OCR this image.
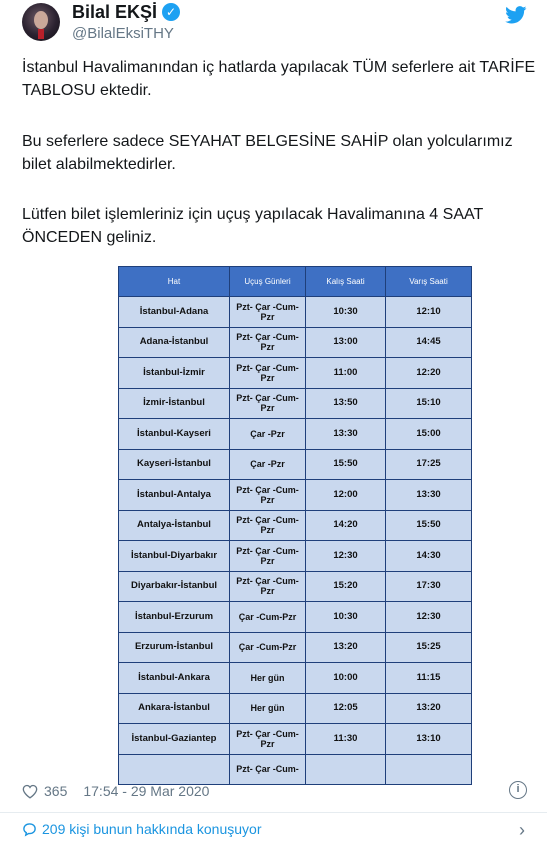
Bilal EKŞİ ✓
@BilalEksiTHY
İstanbul Havalimanından iç hatlarda yapılacak TÜM seferlere ait TARİFE TABLOSU ektedir.
Bu seferlere sadece SEYAHAT BELGESİNE SAHİP olan yolcularımız bilet alabilmektedirler.
Lütfen bilet işlemleriniz için uçuş yapılacak Havalimanına 4 SAAT ÖNCEDEN geliniz.
Hat	Uçuş Günleri	Kalış Saati	Varış Saati
İstanbul-Adana	Pzt- Çar -Cum-Pzr	10:30	12:10
Adana-İstanbul	Pzt- Çar -Cum-Pzr	13:00	14:45
İstanbul-İzmir	Pzt- Çar -Cum-Pzr	11:00	12:20
İzmir-İstanbul	Pzt- Çar -Cum-Pzr	13:50	15:10
İstanbul-Kayseri	Çar -Pzr	13:30	15:00
Kayseri-İstanbul	Çar -Pzr	15:50	17:25
İstanbul-Antalya	Pzt- Çar -Cum-Pzr	12:00	13:30
Antalya-İstanbul	Pzt- Çar -Cum-Pzr	14:20	15:50
İstanbul-Diyarbakır	Pzt- Çar -Cum-Pzr	12:30	14:30
Diyarbakır-İstanbul	Pzt- Çar -Cum-Pzr	15:20	17:30
İstanbul-Erzurum	Çar -Cum-Pzr	10:30	12:30
Erzurum-İstanbul	Çar -Cum-Pzr	13:20	15:25
İstanbul-Ankara	Her gün	10:00	11:15
Ankara-İstanbul	Her gün	12:05	13:20
İstanbul-Gaziantep	Pzt- Çar -Cum-Pzr	11:30	13:10
	Pzt- Çar -Cum-		
365 17:54 - 29 Mar 2020	i
209 kişi bunun hakkında konuşuyor	›
